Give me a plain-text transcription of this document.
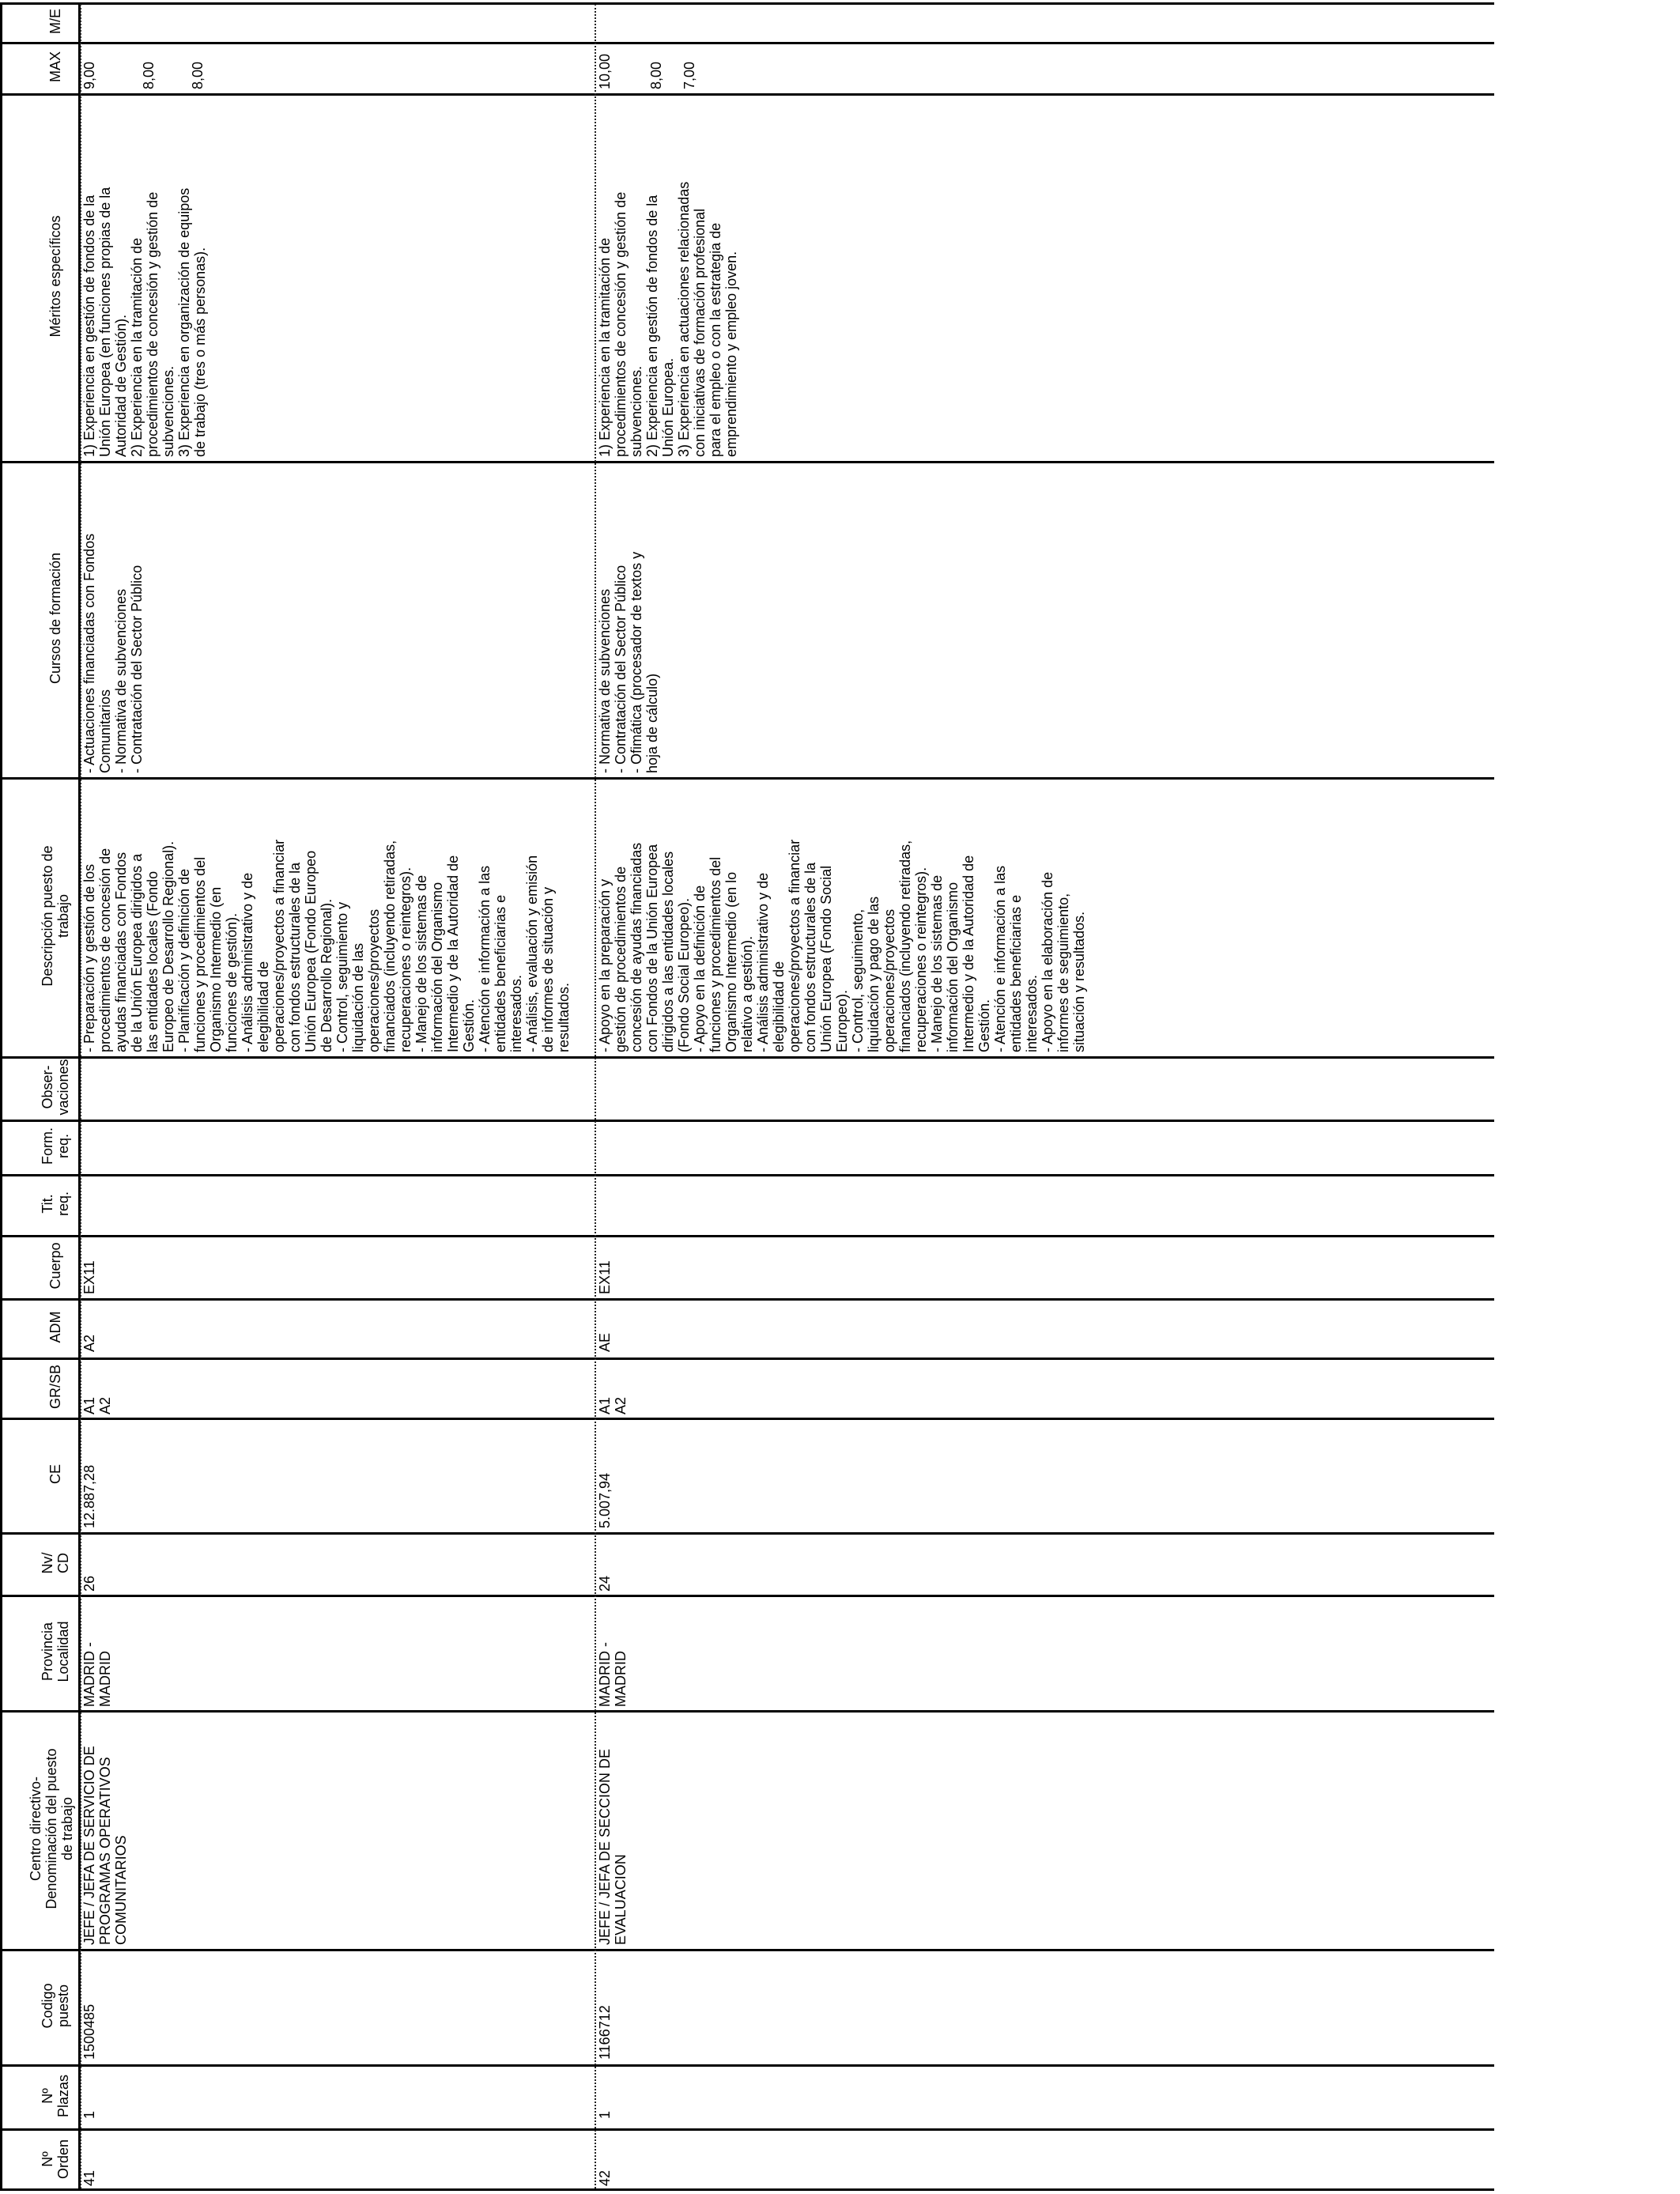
Nº
Orden
Nº
Plazas
Codigo
puesto
Centro directivo-
Denominación del puesto
de trabajo
Provincia
Localidad
Nv/
CD
CE
GR/SB
ADM
Cuerpo
Tit.
req.
Form.
req.
Obser-
vaciones
Descripción puesto de
trabajo
Cursos de formación
Méritos específicos
MAX
M/E
41
1
1500485
JEFE / JEFA DE SERVICIO DE
PROGRAMAS OPERATIVOS
COMUNITARIOS
MADRID -
MADRID
26
12.887,28
A1
A2
A2
EX11
- Preparación y gestión de los
procedimientos de concesión de
ayudas financiadas con Fondos
de la Unión Europea dirigidos a
las entidades locales (Fondo
Europeo de Desarrollo Regional).
- Planificación y definición de
funciones y procedimientos del
Organismo Intermedio (en
funciones de gestión).
- Análisis administrativo y de
elegibilidad de
operaciones/proyectos a financiar
con fondos estructurales de la
Unión Europea (Fondo Europeo
de Desarrollo Regional).
- Control, seguimiento y
liquidación de las
operaciones/proyectos
financiados (incluyendo retiradas,
recuperaciones o reintegros).
- Manejo de los sistemas de
información del Organismo
Intermedio y de la Autoridad de
Gestión.
- Atención e información a las
entidades beneficiarias e
interesados.
- Análisis, evaluación y emisión
de informes de situación y
resultados.
- Actuaciones financiadas con Fondos
Comunitarios
- Normativa de subvenciones
- Contratación del Sector Público
1) Experiencia en gestión de fondos de la
Unión Europea (en funciones propias de la
Autoridad de Gestión).
2) Experiencia en la tramitación de
procedimientos de concesión y gestión de
subvenciones.
3) Experiencia en organización de equipos
de trabajo (tres o más personas).
9,00	8,00 8,00
42
1
1166712
JEFE / JEFA DE SECCION DE
EVALUACION
MADRID -
MADRID
24
5.007,94
A1
A2
AE
EX11
- Apoyo en la preparación y
gestión de procedimientos de
concesión de ayudas financiadas
con Fondos de la Unión Europea
dirigidos a las entidades locales
(Fondo Social Europeo).
- Apoyo en la definición de
funciones y procedimientos del
Organismo Intermedio (en lo
relativo a gestión).
- Análisis administrativo y de
elegibilidad de
operaciones/proyectos a financiar
con fondos estructurales de la
Unión Europea (Fondo Social
Europeo).
- Control, seguimiento,
liquidación y pago de las
operaciones/proyectos
financiados (incluyendo retiradas,
recuperaciones o reintegros).
- Manejo de los sistemas de
información del Organismo
Intermedio y de la Autoridad de
Gestión.
- Atención e información a las
entidades beneficiarias e
interesados.
- Apoyo en la elaboración de
informes de seguimiento,
situación y resultados.
- Normativa de subvenciones
- Contratación del Sector Público
- Ofimática (procesador de textos y
hoja de cálculo)
1) Experiencia en la tramitación de
procedimientos de concesión y gestión de
subvenciones.
2) Experiencia en gestión de fondos de la
Unión Europea.
3) Experiencia en actuaciones relacionadas
con iniciativas de formación profesional
para el empleo o con la estrategia de
emprendimiento y empleo joven.
10,00	8,00 7,00
